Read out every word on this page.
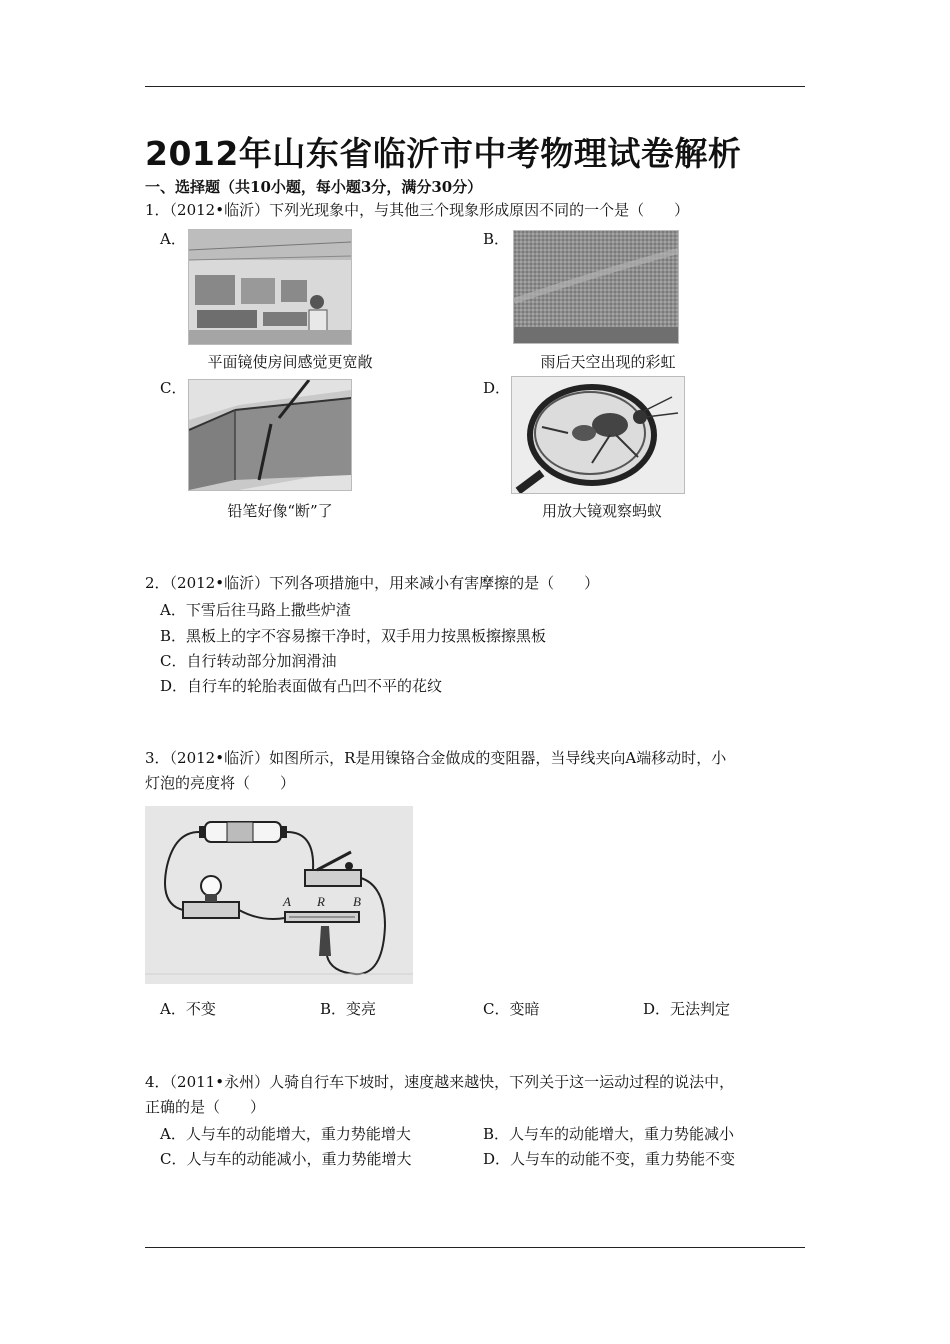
2012年山东省临沂市中考物理试卷解析
一、选择题（共10小题，每小题3分，满分30分）
1．（2012•临沂）下列光现象中，与其他三个现象形成原因不同的一个是（　　）
A．
平面镜使房间感觉更宽敞
B．
雨后天空出现的彩虹
C．
铅笔好像“断”了
D．
用放大镜观察蚂蚁
2．（2012•临沂）下列各项措施中，用来减小有害摩擦的是（　　）
A．下雪后往马路上撒些炉渣
B．黑板上的字不容易擦干净时，双手用力按黑板擦擦黑板
C．自行转动部分加润滑油
D．自行车的轮胎表面做有凸凹不平的花纹
3．（2012•临沂）如图所示，R是用镍铬合金做成的变阻器，当导线夹向A端移动时，小
灯泡的亮度将（　　）
A R B
A．不变	B．变亮	C．变暗	D．无法判定
4．（2011•永州）人骑自行车下坡时，速度越来越快，下列关于这一运动过程的说法中，
正确的是（　　）
A．人与车的动能增大，重力势能增大	B．人与车的动能增大，重力势能减小
C．人与车的动能减小，重力势能增大	D．人与车的动能不变，重力势能不变
